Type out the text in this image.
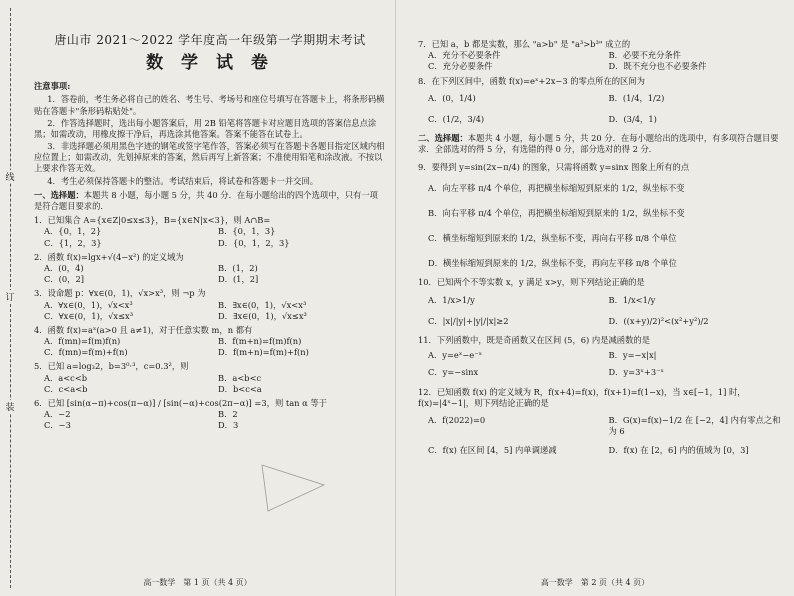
线
订
装
唐山市 2021～2022 学年度高一年级第一学期期末考试
数 学 试 卷
注意事项:
1．答卷前，考生务必将自己的姓名、考生号、考场号和座位号填写在答题卡上，将条形码横贴在答题卡"条形码粘贴处"。
2．作答选择题时，选出每小题答案后，用 2B 铅笔将答题卡对应题目选项的答案信息点涂黑；如需改动，用橡皮擦干净后，再选涂其他答案。答案不能答在试卷上。
3．非选择题必须用黑色字迹的钢笔或签字笔作答，答案必须写在答题卡各题目指定区域内相应位置上；如需改动，先划掉原来的答案，然后再写上新答案；不准使用铅笔和涂改液。不按以上要求作答无效。
4．考生必须保持答题卡的整洁。考试结束后，将试卷和答题卡一并交回。
一、选择题：本题共 8 小题，每小题 5 分，共 40 分．在每小题给出的四个选项中，只有一项是符合题目要求的．
1．已知集合 A={x∈Z|0≤x≤3}，B={x∈N|x<3}，则 A∩B=
A．{0，1，2}	B．{0，1，3}
C．{1，2，3}	D．{0，1，2，3}
2．函数 f(x)=lgx+√(4−x²) 的定义域为
A．(0，4)	B．(1，2)
C．(0，2]	D．(1，2]
3．设命题 p：∀x∈(0，1)，√x>x³，则 ¬p 为
A．∀x∈(0，1)，√x<x³	B．∃x∈(0，1)，√x<x³
C．∀x∈(0，1)，√x≤x³	D．∃x∈(0，1)，√x≤x³
4．函数 f(x)=aˣ(a>0 且 a≠1)，对于任意实数 m，n 都有
A．f(mn)=f(m)f(n)	B．f(m+n)=f(m)f(n)
C．f(mn)=f(m)+f(n)	D．f(m+n)=f(m)+f(n)
5．已知 a=log₃2，b=3⁰·³，c=0.3²，则
A．a<c<b	B．a<b<c
C．c<a<b	D．b<c<a
6．已知 [sin(α−π)+cos(π−α)] / [sin(−α)+cos(2π−α)] =3，则 tan α 等于
A．−2	B．2
C．−3	D．3
高一数学　第 1 页（共 4 页）
7．已知 a，b 都是实数，那么 "a>b" 是 "a³>b³" 成立的
A．充分不必要条件	B．必要不充分条件
C．充分必要条件	D．既不充分也不必要条件
8．在下列区间中，函数 f(x)=eˣ+2x−3 的零点所在的区间为
A．(0，1/4)	B．(1/4，1/2)
C．(1/2，3/4)	D．(3/4，1)
二、选择题：本题共 4 小题，每小题 5 分，共 20 分．在每小题给出的选项中，有多项符合题目要求．全部选对的得 5 分，有选错的得 0 分，部分选对的得 2 分．
9．要得到 y=sin(2x−π/4) 的图象，只需将函数 y=sinx 图象上所有的点
A．向左平移 π/4 个单位，再把横坐标缩短到原来的 1/2，纵坐标不变
B．向右平移 π/4 个单位，再把横坐标缩短到原来的 1/2，纵坐标不变
C．横坐标缩短到原来的 1/2，纵坐标不变，再向右平移 π/8 个单位
D．横坐标缩短到原来的 1/2，纵坐标不变，再向左平移 π/8 个单位
10．已知两个不等实数 x，y 满足 x>y，则下列结论正确的是
A．1/x>1/y	B．1/x<1/y
C．|x|/|y|+|y|/|x|≥2	D．((x+y)/2)²<(x²+y²)/2
11．下列函数中，既是奇函数又在区间 (5，6) 内是减函数的是
A．y=eˣ−e⁻ˣ	B．y=−x|x|
C．y=−sinx	D．y=3ˣ+3⁻ˣ
12．已知函数 f(x) 的定义域为 R，f(x+4)=f(x)，f(x+1)=f(1−x)，当 x∈[−1，1] 时，f(x)=|4ˣ−1|，则下列结论正确的是
A．f(2022)=0	B．G(x)=f(x)−1/2 在 [−2，4] 内有零点之和为 6
C．f(x) 在区间 [4，5] 内单调递减	D．f(x) 在 [2，6] 内的值域为 [0，3]
高一数学　第 2 页（共 4 页）
